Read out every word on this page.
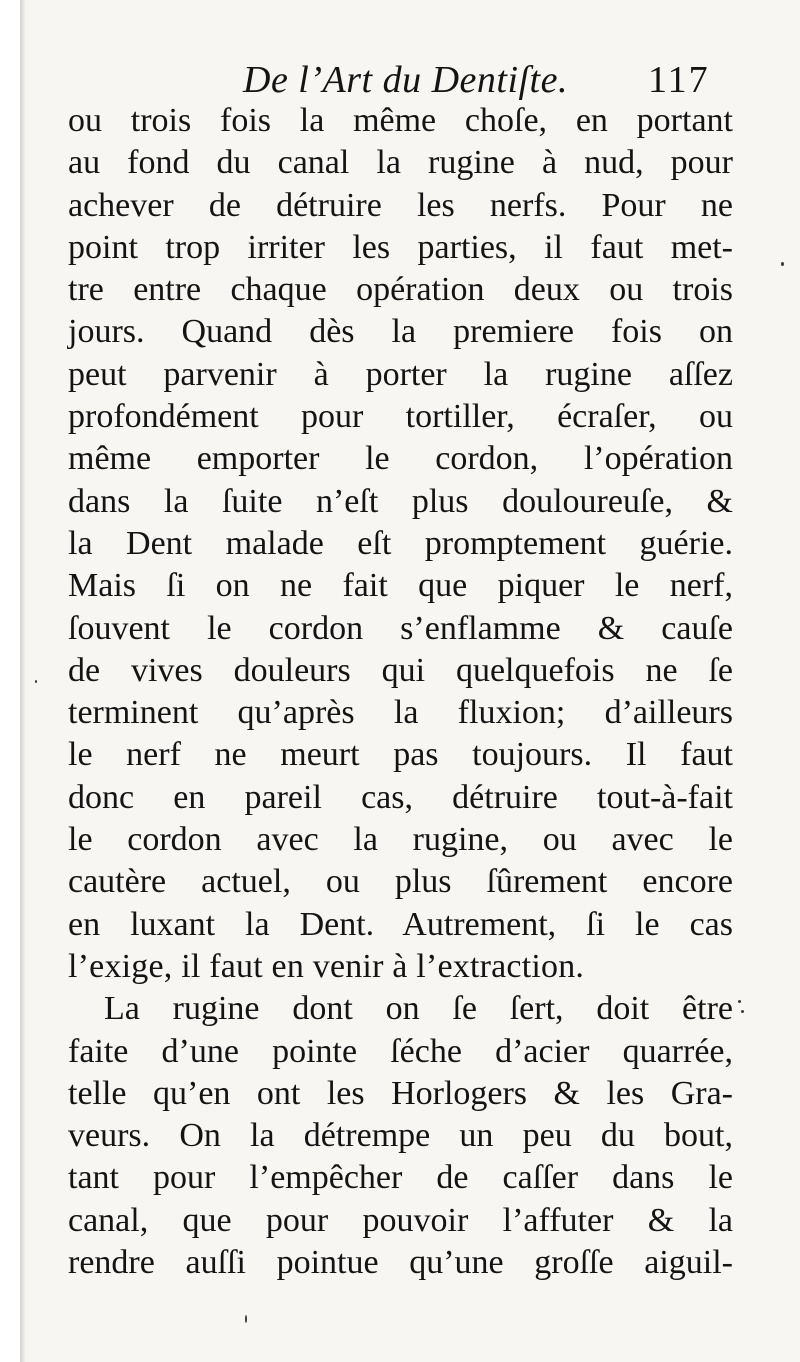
De l’Art du Dentiſte. 117
ou trois fois la même choſe, en portant
au fond du canal la rugine à nud, pour
achever de détruire les nerfs. Pour ne
point trop irriter les parties, il faut met-
tre entre chaque opération deux ou trois
jours. Quand dès la premiere fois on
peut parvenir à porter la rugine aſſez
profondément pour tortiller, écraſer, ou
même emporter le cordon, l’opération
dans la ſuite n’eſt plus douloureuſe, &
la Dent malade eſt promptement guérie.
Mais ſi on ne fait que piquer le nerf,
ſouvent le cordon s’enflamme & cauſe
de vives douleurs qui quelquefois ne ſe
terminent qu’après la fluxion; d’ailleurs
le nerf ne meurt pas toujours. Il faut
donc en pareil cas, détruire tout-à-fait
le cordon avec la rugine, ou avec le
cautère actuel, ou plus ſûrement encore
en luxant la Dent. Autrement, ſi le cas
l’exige, il faut en venir à l’extraction.
La rugine dont on ſe ſert, doit être
faite d’une pointe ſéche d’acier quarrée,
telle qu’en ont les Horlogers & les Gra-
veurs. On la détrempe un peu du bout,
tant pour l’empêcher de caſſer dans le
canal, que pour pouvoir l’affuter & la
rendre auſſi pointue qu’une groſſe aiguil-
